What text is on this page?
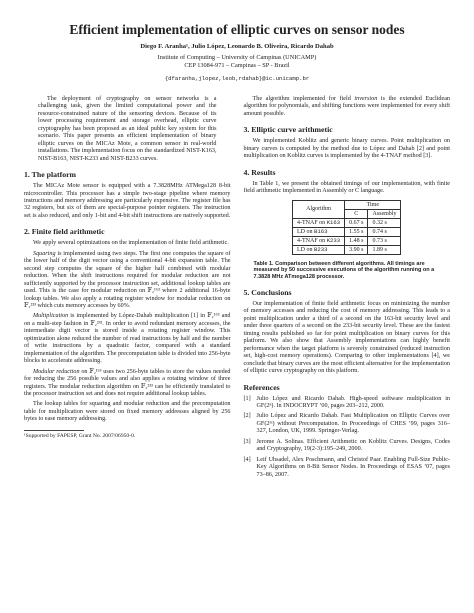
Efficient implementation of elliptic curves on sensor nodes
Diego F. Aranha¹, Julio López, Leonardo B. Oliveira, Ricardo Dahab
Institute of Computing – University of Campinas (UNICAMP)
CEP 13084-971 – Campinas – SP - Brazil
{dfaranha,jlopez,leob,rdahab}@ic.unicamp.br

The deployment of cryptography on sensor networks is a challenging task, given the limited computational power and the resource-constrained nature of the sensoring devices. Because of its lower processing requirement and storage overhead, elliptic curve cryptography has been proposed as an ideal public key system for this scenario. This paper presents an efficient implementation of binary elliptic curves on the MICAz Mote, a common sensor in real-world installations. The implementation focus on the standardized NIST-K163, NIST-B163, NIST-K233 and NIST-B233 curves.

1. The platform

The MICAz Mote sensor is equipped with a 7.3828MHz ATMega128 8-bit microcontroller. This processor has a simple two-stage pipeline where memory instructions and memory addressing are particularly expensive. The register file has 32 registers, but six of them are special-purpose pointer registers. The instruction set is also reduced, and only 1-bit and 4-bit shift instructions are natively supported.

2. Finite field arithmetic

We apply several optimizations on the implementation of finite field arithmetic.

Squaring is implemented using two steps. The first one computes the square of the lower half of the digit vector using a conventional 4-bit expansion table. The second step computes the square of the higher half combined with modular reduction. When the shift instructions required for modular reduction are not sufficiently supported by the processor instruction set, additional lookup tables are used. This is the case for modular reduction on 𝔽₂¹⁶³ where 2 additional 16-byte lookup tables. We also apply a rotating register window for modular reduction on 𝔽₂²³³ which cuts memory accesses by 60%.

Multiplication is implemented by López-Dahab multiplication [1] in 𝔽₂¹⁶³ and on a multi-step fashion in 𝔽₂²³³. In order to avoid redundant memory accesses, the intermediate digit vector is stored inside a rotating register window. This optimization alone reduced the number of read instructions by half and the number of write instructions by a quadratic factor, compared with a standard implementation of the algorithm. The precomputation table is divided into 256-byte blocks to accelerate addressing.

Modular reduction on 𝔽₂¹⁶³ uses two 256-byte tables to store the values needed for reducing the 256 possible values and also applies a rotating window of three registers. The modular reduction algorithm on 𝔽₂²³³ can be efficiently translated to the processor instruction set and does not require additional lookup tables.

The lookup tables for squaring and modular reduction and the precomputation table for multiplication were stored on fixed memory addresses aligned by 256 bytes to ease memory addressing.

¹Supported by FAPESP, Grant No. 2007/06950-0.

The algorithm implemented for field inversion is the extended Euclidean algorithm for polynomials, and shifting functions were implemented for every shift amount possible.

3. Elliptic curve arithmetic

We implemented Koblitz and generic binary curves. Point multiplication on binary curves is computed by the method due to López and Dahab [2] and point multiplication on Koblitz curves is implemented by the 4-TNAF method [3].

4. Results

In Table 1, we present the obtained timings of our implementation, with finite field arithmetic implemented in Assembly or C language.

Algorithm	Time	
	C	Assembly
4-TNAF on K163	0.67 s	0.32 s
LD on B163	1.55 s	0.74 s
4-TNAF on K233	1.48 s	0.73 s
LD on B233	3.90 s	1.89 s
Table 1. Comparison between different algorithms. All timings are measured by 50 successive executions of the algorithm running on a 7.3828 MHz ATmega128 processor.
5. Conclusions

Our implementation of finite field arithmetic focus on minimizing the number of memory accesses and reducing the cost of memory addressing. This leads to a point multiplication under a third of a second on the 163-bit security level and under three quarters of a second on the 233-bit security level. These are the fastest timing results published so far for point multiplication on binary curves for this platform. We also show that Assembly implementations can highly benefit performance when the target platform is severely constrained (reduced instruction set, high-cost memory operations). Comparing to other implementations [4], we conclude that binary curves are the most efficient alternative for the implementation of elliptic curve cryptography on this platform.

References
[1] Julio López and Ricardo Dahab. High-speed software multiplication in GF(2ⁿ). In INDOCRYPT ’00, pages 203–212, 2000.
[2] Julio López and Ricardo Dahab. Fast Multiplication on Elliptic Curves over GF(2ᵐ) without Precomputation. In Proceedings of CHES ’99, pages 316–327, London, UK, 1999. Springer-Verlag.
[3] Jerome A. Solinas. Efficient Arithmetic on Koblitz Curves. Designs, Codes and Cryptography, 19(2-3):195–249, 2000.
[4] Leif Uhsadel, Alex Poschmann, and Christof Paar. Enabling Full-Size Public-Key Algorithms on 8-Bit Sensor Nodes. In Proceedings of ESAS ’07, pages 73–86, 2007.
